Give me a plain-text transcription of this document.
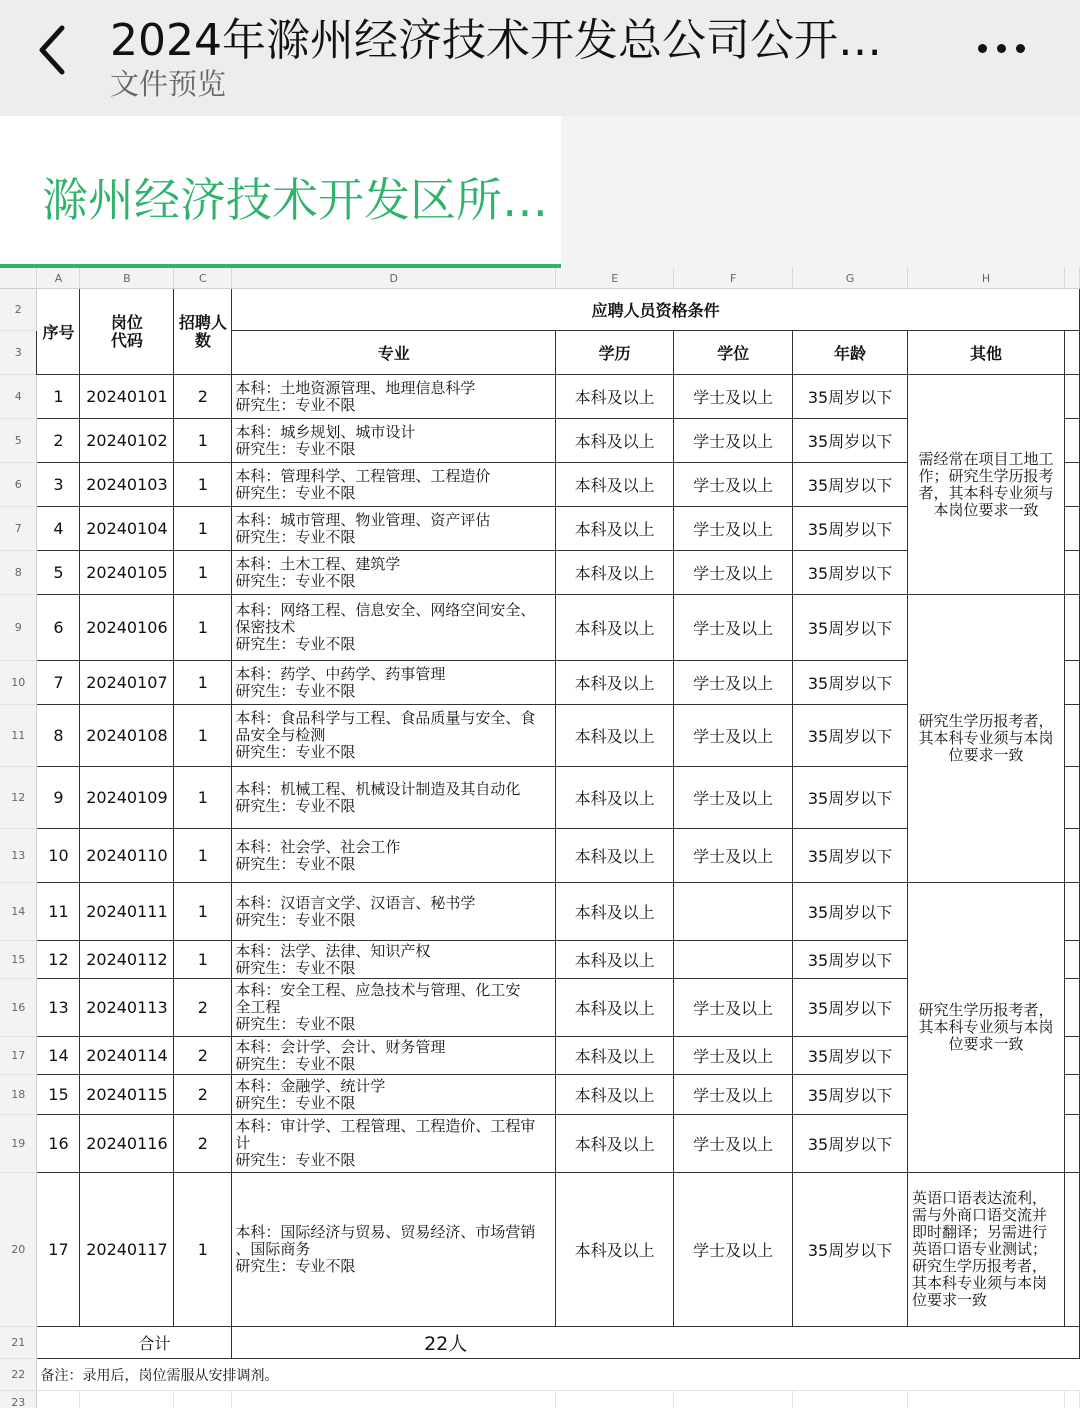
2024年滁州经济技术开发总公司公开…
文件预览
滁州经济技术开发区所…
	A	B	C	D	E	F	G	H	
2	序号	岗位代码	招聘人数	应聘人员资格条件					
3				专业	学历	学位	年龄	其他	
4	1	20240101	2	本科：土地资源管理、地理信息科学
研究生：专业不限	本科及以上	学士及以上	35周岁以下	需经常在项目工地工作；研究生学历报考者，其本科专业须与本岗位要求一致	
5	2	20240102	1	本科：城乡规划、城市设计
研究生：专业不限	本科及以上	学士及以上	35周岁以下		
6	3	20240103	1	本科：管理科学、工程管理、工程造价
研究生：专业不限	本科及以上	学士及以上	35周岁以下		
7	4	20240104	1	本科：城市管理、物业管理、资产评估
研究生：专业不限	本科及以上	学士及以上	35周岁以下		
8	5	20240105	1	本科：土木工程、建筑学
研究生：专业不限	本科及以上	学士及以上	35周岁以下		
9	6	20240106	1	本科：网络工程、信息安全、网络空间安全、
保密技术
研究生：专业不限	本科及以上	学士及以上	35周岁以下	研究生学历报考者，其本科专业须与本岗位要求一致	
10	7	20240107	1	本科：药学、中药学、药事管理
研究生：专业不限	本科及以上	学士及以上	35周岁以下		
11	8	20240108	1	本科：食品科学与工程、食品质量与安全、食
品安全与检测
研究生：专业不限	本科及以上	学士及以上	35周岁以下		
12	9	20240109	1	本科：机械工程、机械设计制造及其自动化
研究生：专业不限	本科及以上	学士及以上	35周岁以下		
13	10	20240110	1	本科：社会学、社会工作
研究生：专业不限	本科及以上	学士及以上	35周岁以下		
14	11	20240111	1	本科：汉语言文学、汉语言、秘书学
研究生：专业不限	本科及以上		35周岁以下	研究生学历报考者，其本科专业须与本岗位要求一致	
15	12	20240112	1	本科：法学、法律、知识产权
研究生：专业不限	本科及以上		35周岁以下		
16	13	20240113	2	本科：安全工程、应急技术与管理、化工安
全工程
研究生：专业不限	本科及以上	学士及以上	35周岁以下		
17	14	20240114	2	本科：会计学、会计、财务管理
研究生：专业不限	本科及以上	学士及以上	35周岁以下		
18	15	20240115	2	本科：金融学、统计学
研究生：专业不限	本科及以上	学士及以上	35周岁以下		
19	16	20240116	2	本科：审计学、工程管理、工程造价、工程审
计
研究生：专业不限	本科及以上	学士及以上	35周岁以下		
20	17	20240117	1	本科：国际经济与贸易、贸易经济、市场营销
、国际商务
研究生：专业不限	本科及以上	学士及以上	35周岁以下	英语口语表达流利，需与外商口语交流并即时翻译；另需进行英语口语专业测试；研究生学历报考者，其本科专业须与本岗位要求一致	
21	合计			22人					
22	备注：录用后，岗位需服从安排调剂。								
23									
